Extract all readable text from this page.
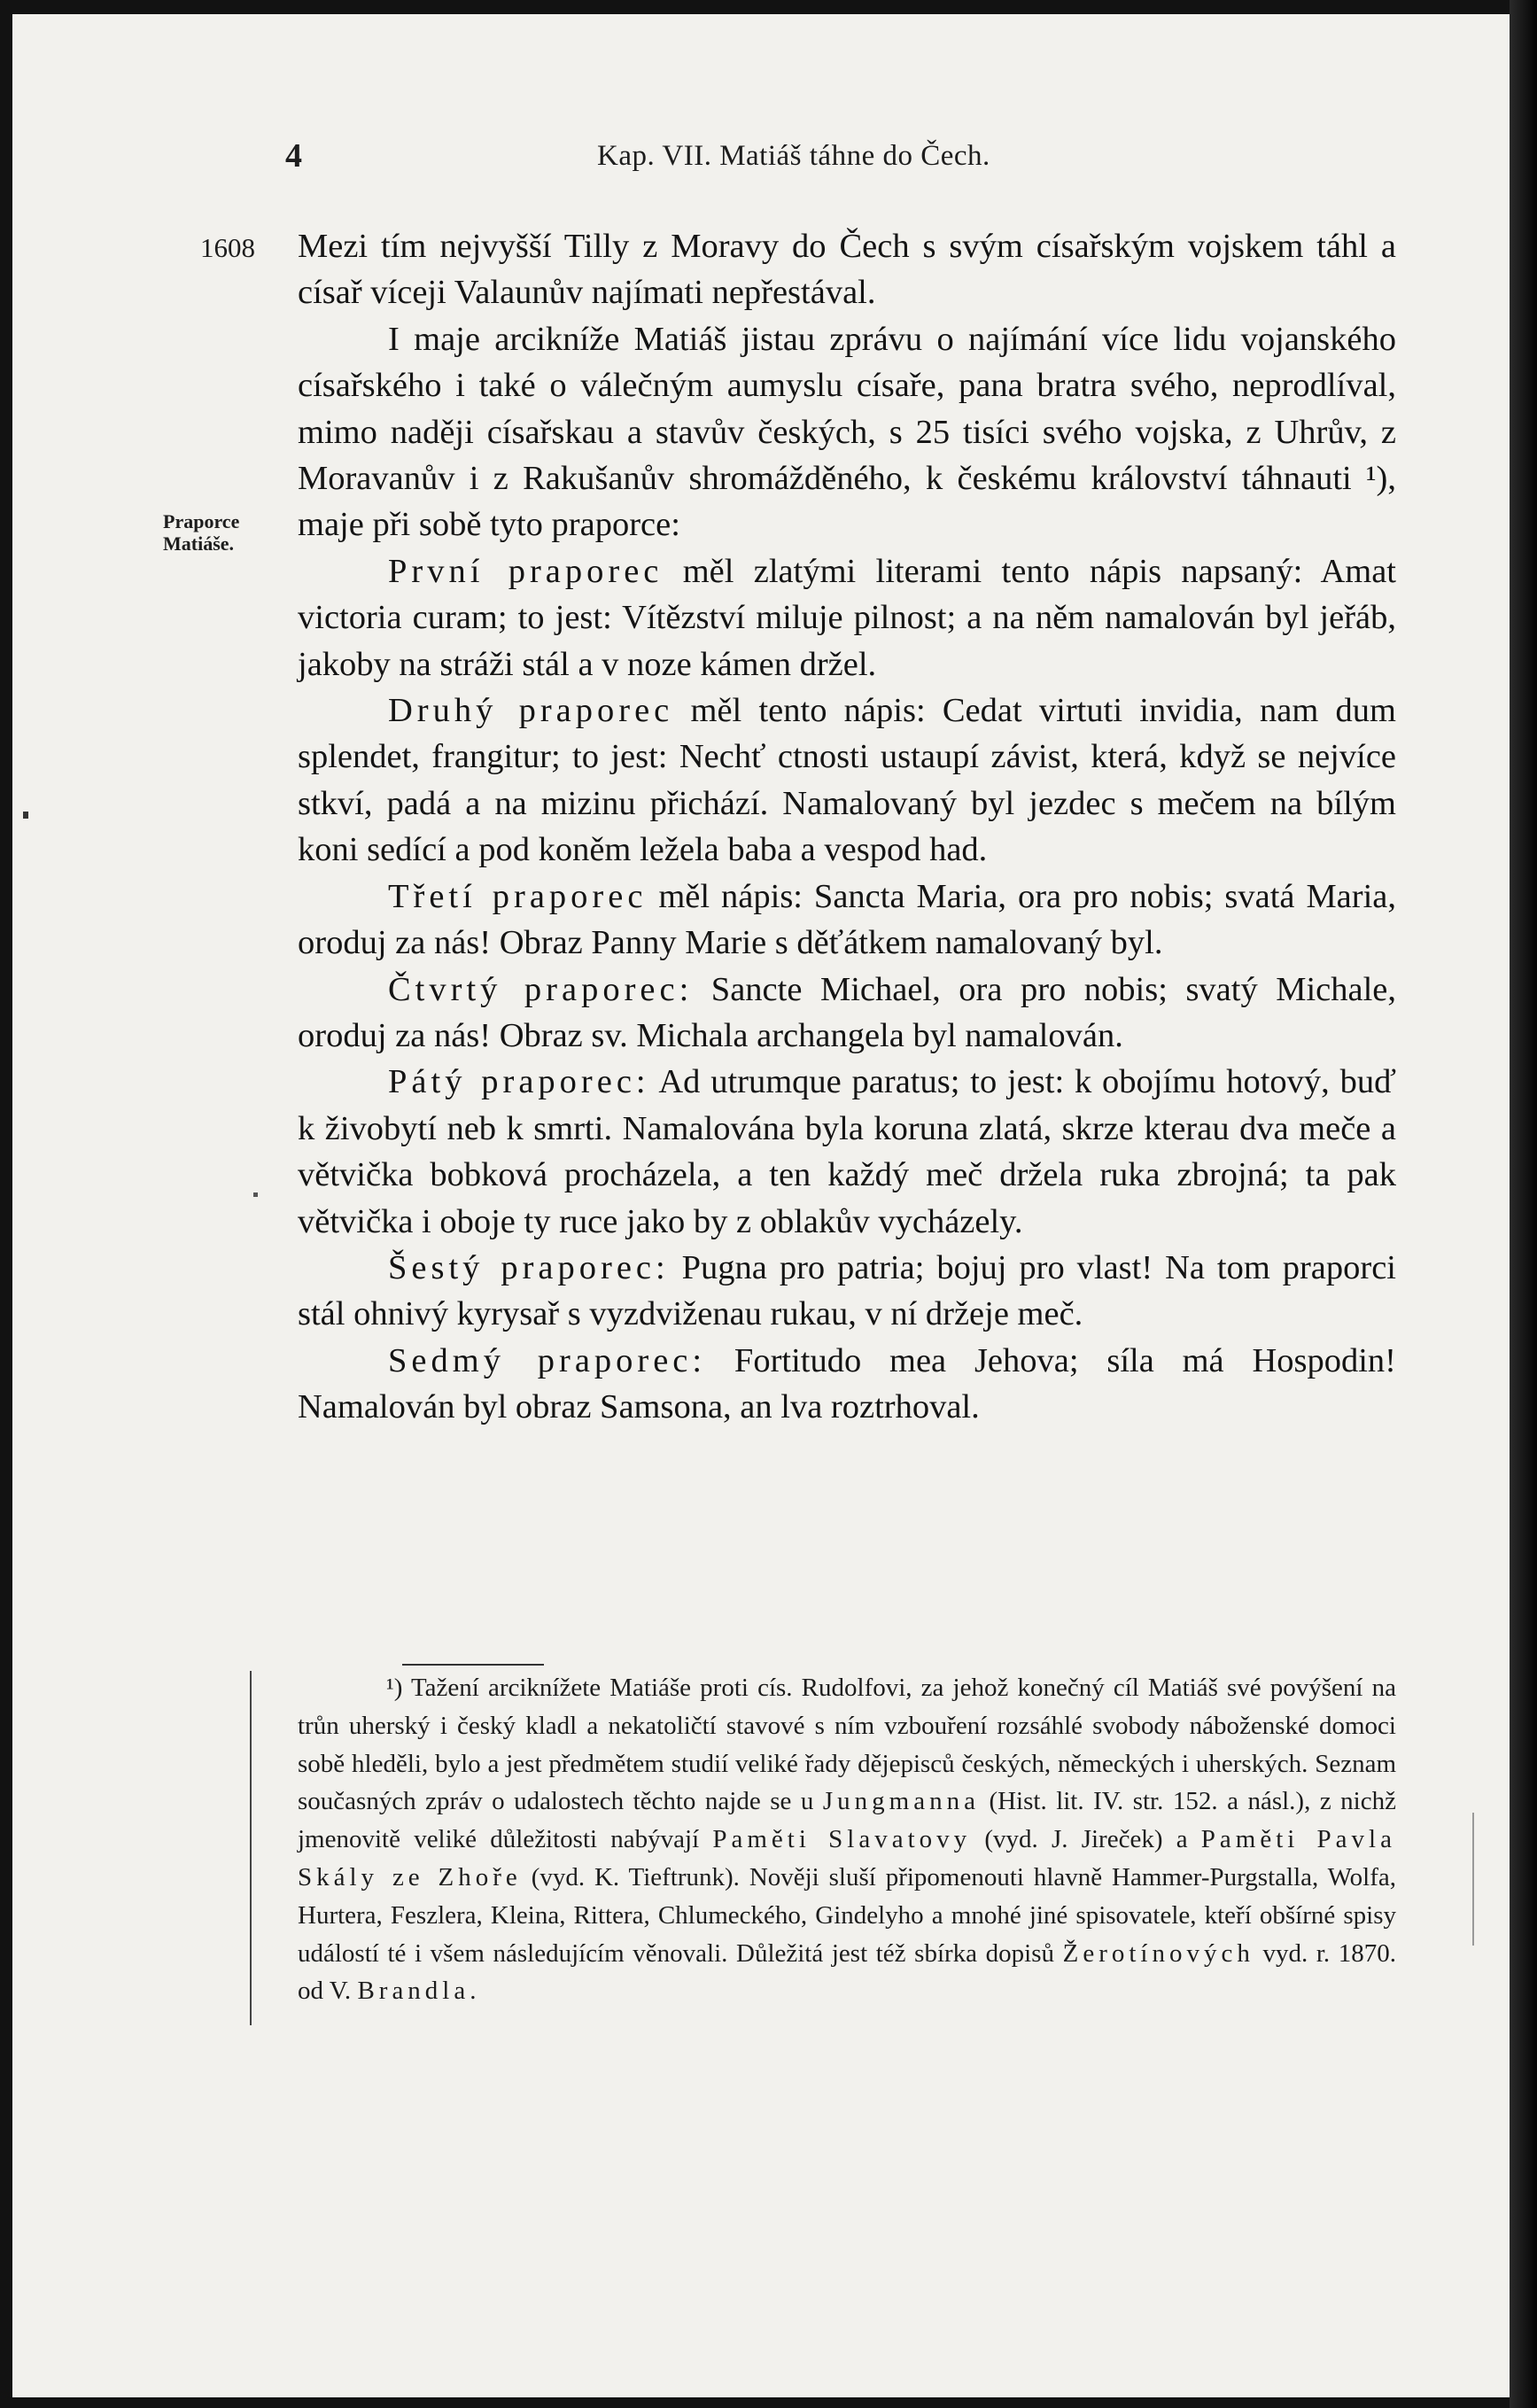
4	Kap. VII. Matiáš táhne do Čech.
1608
Praporce
Matiáše.

Mezi tím nejvyšší Tilly z Moravy do Čech s svým císařským vojskem táhl a císař víceji Valaunův najímati nepřestával.

I maje arcikníže Matiáš jistau zprávu o najímání více lidu vojanského císařského i také o válečným aumyslu císaře, pana bratra svého, neprodlíval, mimo naději císařskau a stavův českých, s 25 tisíci svého vojska, z Uhrův, z Moravanův i z Rakušanův shromážděného, k českému království táhnauti ¹), maje při sobě tyto praporce:

První praporec měl zlatými literami tento nápis napsaný: Amat victoria curam; to jest: Vítězství miluje pilnost; a na něm namalován byl jeřáb, jakoby na stráži stál a v noze kámen držel.

Druhý praporec měl tento nápis: Cedat virtuti invidia, nam dum splendet, frangitur; to jest: Nechť ctnosti ustaupí závist, která, když se nejvíce stkví, padá a na mizinu přichází. Namalovaný byl jezdec s mečem na bílým koni sedící a pod koněm ležela baba a vespod had.

Třetí praporec měl nápis: Sancta Maria, ora pro nobis; svatá Maria, oroduj za nás! Obraz Panny Marie s děťátkem namalovaný byl.

Čtvrtý praporec: Sancte Michael, ora pro nobis; svatý Michale, oroduj za nás! Obraz sv. Michala archangela byl namalován.

Pátý praporec: Ad utrumque paratus; to jest: k obojímu hotový, buď k živobytí neb k smrti. Namalována byla koruna zlatá, skrze kterau dva meče a větvička bobková procházela, a ten každý meč držela ruka zbrojná; ta pak větvička i oboje ty ruce jako by z oblakův vycházely.

Šestý praporec: Pugna pro patria; bojuj pro vlast! Na tom praporci stál ohnivý kyrysař s vyzdviženau rukau, v ní držeje meč.

Sedmý praporec: Fortitudo mea Jehova; síla má Hospodin! Namalován byl obraz Samsona, an lva roztrhoval.

¹) Tažení arciknížete Matiáše proti cís. Rudolfovi, za jehož konečný cíl Matiáš své povýšení na trůn uherský i český kladl a nekatoličtí stavové s ním vzbouření rozsáhlé svobody náboženské domoci sobě hleděli, bylo a jest předmětem studií veliké řady dějepisců českých, německých i uherských. Seznam současných zpráv o udalostech těchto najde se u Jungmanna (Hist. lit. IV. str. 152. a násl.), z nichž jmenovitě veliké důležitosti nabývají Paměti Slavatovy (vyd. J. Jireček) a Paměti Pavla Skály ze Zhoře (vyd. K. Tieftrunk). Nověji sluší připomenouti hlavně Hammer-Purgstalla, Wolfa, Hurtera, Feszlera, Kleina, Rittera, Chlumeckého, Gindelyho a mnohé jiné spisovatele, kteří obšírné spisy událostí té i všem následujícím věnovali. Důležitá jest též sbírka dopisů Žerotínových vyd. r. 1870. od V. Brandla.
